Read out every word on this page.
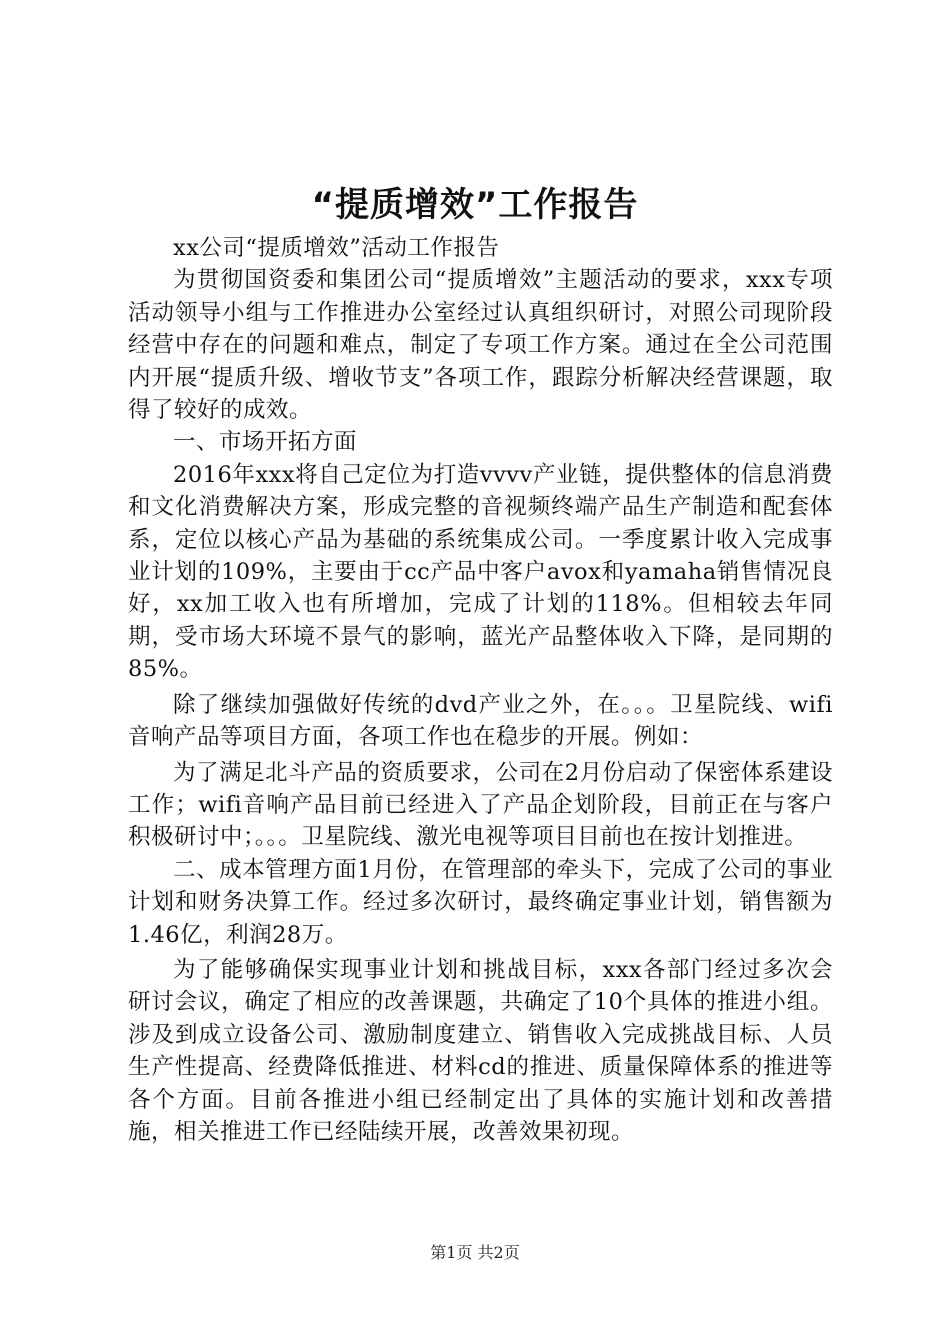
“提质增效”工作报告

xx公司“提质增效”活动工作报告

为贯彻国资委和集团公司“提质增效”主题活动的要求，xxx专项活动领导小组与工作推进办公室经过认真组织研讨，对照公司现阶段经营中存在的问题和难点，制定了专项工作方案。通过在全公司范围内开展“提质升级、增收节支”各项工作，跟踪分析解决经营课题，取得了较好的成效。

一、市场开拓方面

2016年xxx将自己定位为打造vvvv产业链，提供整体的信息消费和文化消费解决方案，形成完整的音视频终端产品生产制造和配套体系，定位以核心产品为基础的系统集成公司。一季度累计收入完成事业计划的109%，主要由于cc产品中客户avox和yamaha销售情况良好，xx加工收入也有所增加，完成了计划的118%。但相较去年同期，受市场大环境不景气的影响，蓝光产品整体收入下降，是同期的85%。

除了继续加强做好传统的dvd产业之外，在。。。卫星院线、wifi音响产品等项目方面，各项工作也在稳步的开展。例如：

为了满足北斗产品的资质要求，公司在2月份启动了保密体系建设工作；wifi音响产品目前已经进入了产品企划阶段，目前正在与客户积极研讨中；。。。卫星院线、激光电视等项目目前也在按计划推进。

二、成本管理方面1月份，在管理部的牵头下，完成了公司的事业计划和财务决算工作。经过多次研讨，最终确定事业计划，销售额为1.46亿，利润28万。

为了能够确保实现事业计划和挑战目标，xxx各部门经过多次会研讨会议，确定了相应的改善课题，共确定了10个具体的推进小组。涉及到成立设备公司、激励制度建立、销售收入完成挑战目标、人员生产性提高、经费降低推进、材料cd的推进、质量保障体系的推进等各个方面。目前各推进小组已经制定出了具体的实施计划和改善措施，相关推进工作已经陆续开展，改善效果初现。

第1页 共2页
